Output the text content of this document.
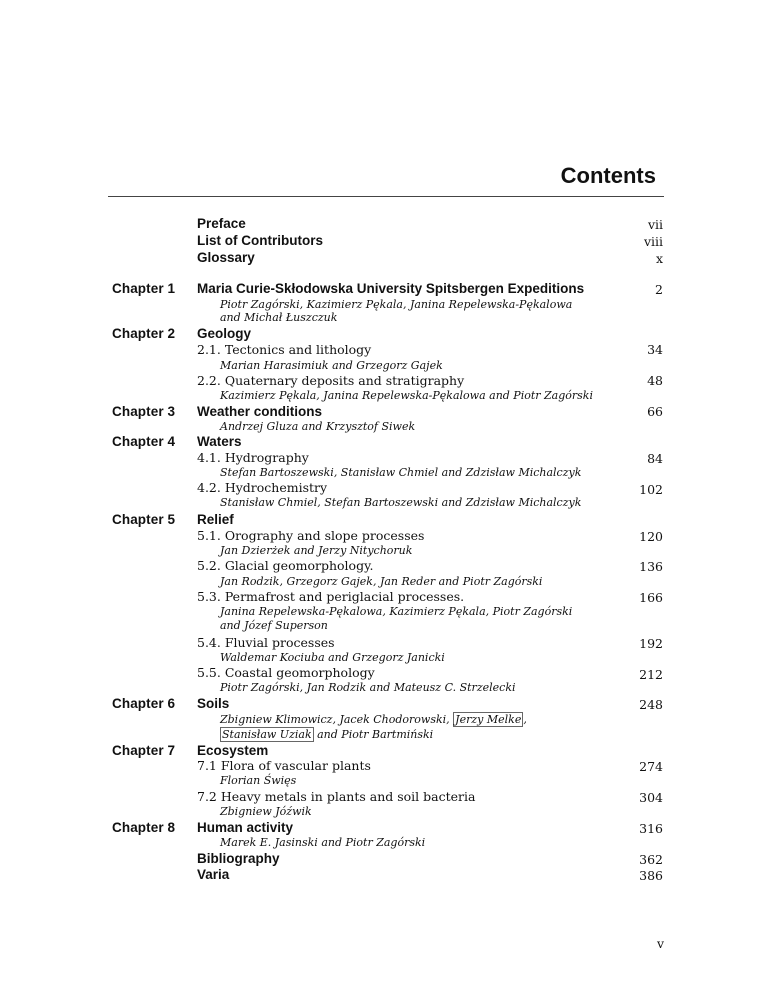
Contents
Preface	vii
List of Contributors	viii
Glossary	x
Chapter 1 Maria Curie-Skłodowska University Spitsbergen Expeditions	2
Piotr Zagórski, Kazimierz Pękala, Janina Repelewska-Pękalowa
and Michał Łuszczuk
Chapter 2 Geology
2.1. Tectonics and lithology	34
Marian Harasimiuk and Grzegorz Gajek
2.2. Quaternary deposits and stratigraphy	48
Kazimierz Pękala, Janina Repelewska-Pękalowa and Piotr Zagórski
Chapter 3 Weather conditions	66
Andrzej Gluza and Krzysztof Siwek
Chapter 4 Waters
4.1. Hydrography	84
Stefan Bartoszewski, Stanisław Chmiel and Zdzisław Michalczyk
4.2. Hydrochemistry	102
Stanisław Chmiel, Stefan Bartoszewski and Zdzisław Michalczyk
Chapter 5 Relief
5.1. Orography and slope processes	120
Jan Dzierżek and Jerzy Nitychoruk
5.2. Glacial geomorphology.	136
Jan Rodzik, Grzegorz Gajek, Jan Reder and Piotr Zagórski
5.3. Permafrost and periglacial processes.	166
Janina Repelewska-Pękalowa, Kazimierz Pękala, Piotr Zagórski
and Józef Superson
5.4. Fluvial processes	192
Waldemar Kociuba and Grzegorz Janicki
5.5. Coastal geomorphology	212
Piotr Zagórski, Jan Rodzik and Mateusz C. Strzelecki
Chapter 6 Soils	248
Zbigniew Klimowicz, Jacek Chodorowski, Jerzy Melke ,
Stanisław Uziak and Piotr Bartmiński
Chapter 7 Ecosystem
7.1 Flora of vascular plants	274
Florian Święs
7.2 Heavy metals in plants and soil bacteria	304
Zbigniew Jóźwik
Chapter 8 Human activity	316
Marek E. Jasinski and Piotr Zagórski
Bibliography	362
Varia	386
v
